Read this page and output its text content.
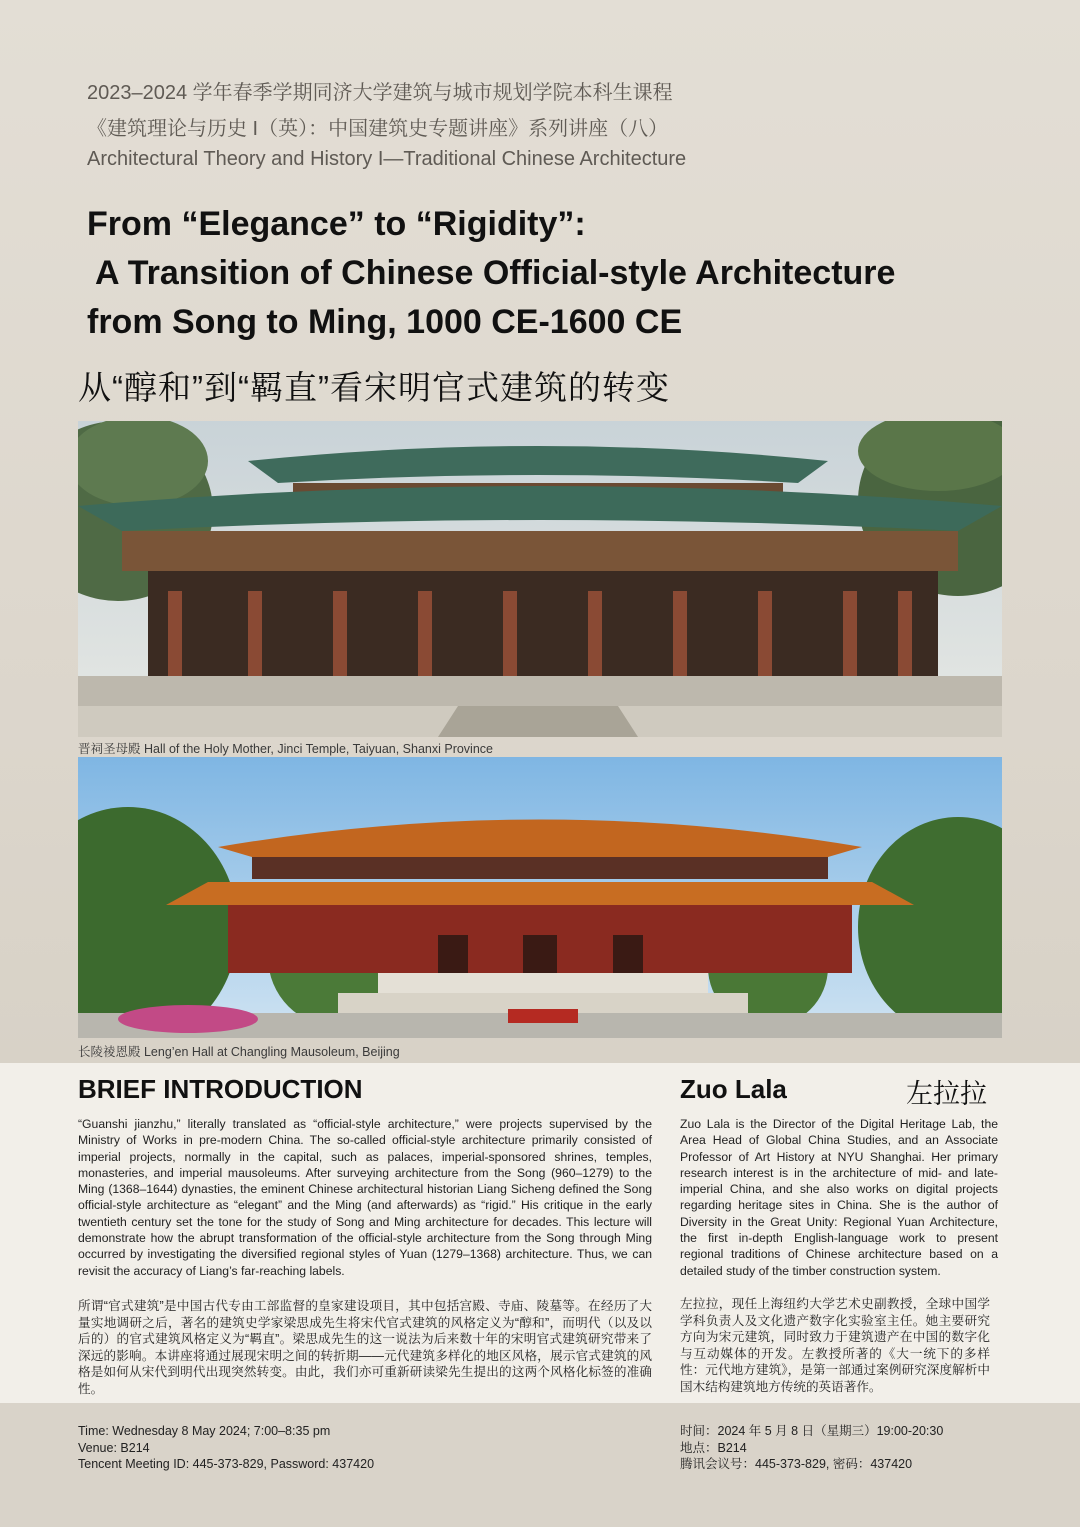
2023–2024 学年春季学期同济大学建筑与城市规划学院本科生课程
《建筑理论与历史 I（英）：中国建筑史专题讲座》系列讲座（八）
Architectural Theory and History I—Traditional Chinese Architecture
From “Elegance” to “Rigidity”:
A Transition of Chinese Official-style Architecture
from Song to Ming, 1000 CE-1600 CE
从“醇和”到“羁直”看宋明官式建筑的转变
晋祠圣母殿 Hall of the Holy Mother, Jinci Temple, Taiyuan, Shanxi Province
长陵祾恩殿 Leng’en Hall at Changling Mausoleum, Beijing
BRIEF INTRODUCTION	Zuo Lala	左拉拉
“Guanshi jianzhu,” literally translated as “official-style architecture,” were projects supervised by the Ministry of Works in pre-modern China. The so-called official-style architecture primarily consisted of imperial projects, normally in the capital, such as palaces, imperial-sponsored shrines, temples, monasteries, and imperial mausoleums. After surveying architecture from the Song (960–1279) to the Ming (1368–1644) dynasties, the eminent Chinese architectural historian Liang Sicheng defined the Song official-style architecture as “elegant” and the Ming (and afterwards) as “rigid.” His critique in the early twentieth century set the tone for the study of Song and Ming architecture for decades. This lecture will demonstrate how the abrupt transformation of the official-style architecture from the Song through Ming occurred by investigating the diversified regional styles of Yuan (1279–1368) architecture. Thus, we can revisit the accuracy of Liang’s far-reaching labels.
所谓“官式建筑”是中国古代专由工部监督的皇家建设项目，其中包括宫殿、寺庙、陵墓等。在经历了大量实地调研之后，著名的建筑史学家梁思成先生将宋代官式建筑的风格定义为“醇和”，而明代（以及以后的）的官式建筑风格定义为“羁直”。梁思成先生的这一说法为后来数十年的宋明官式建筑研究带来了深远的影响。本讲座将通过展现宋明之间的转折期——元代建筑多样化的地区风格，展示官式建筑的风格是如何从宋代到明代出现突然转变。由此，我们亦可重新研读梁先生提出的这两个风格化标签的准确性。
Zuo Lala is the Director of the Digital Heritage Lab, the Area Head of Global China Studies, and an Associate Professor of Art History at NYU Shanghai. Her primary research interest is in the architecture of mid- and late-imperial China, and she also works on digital projects regarding heritage sites in China. She is the author of Diversity in the Great Unity: Regional Yuan Architecture, the first in-depth English-language work to present regional traditions of Chinese architecture based on a detailed study of the timber construction system.
左拉拉，现任上海纽约大学艺术史副教授，全球中国学学科负责人及文化遗产数字化实验室主任。她主要研究方向为宋元建筑，同时致力于建筑遗产在中国的数字化与互动媒体的开发。左教授所著的《大一统下的多样性：元代地方建筑》，是第一部通过案例研究深度解析中国木结构建筑地方传统的英语著作。
Time: Wednesday 8 May 2024; 7:00–8:35 pm
Venue: B214
Tencent Meeting ID: 445-373-829, Password: 437420
时间：2024 年 5 月 8 日（星期三）19:00-20:30
地点：B214
腾讯会议号：445-373-829, 密码：437420
